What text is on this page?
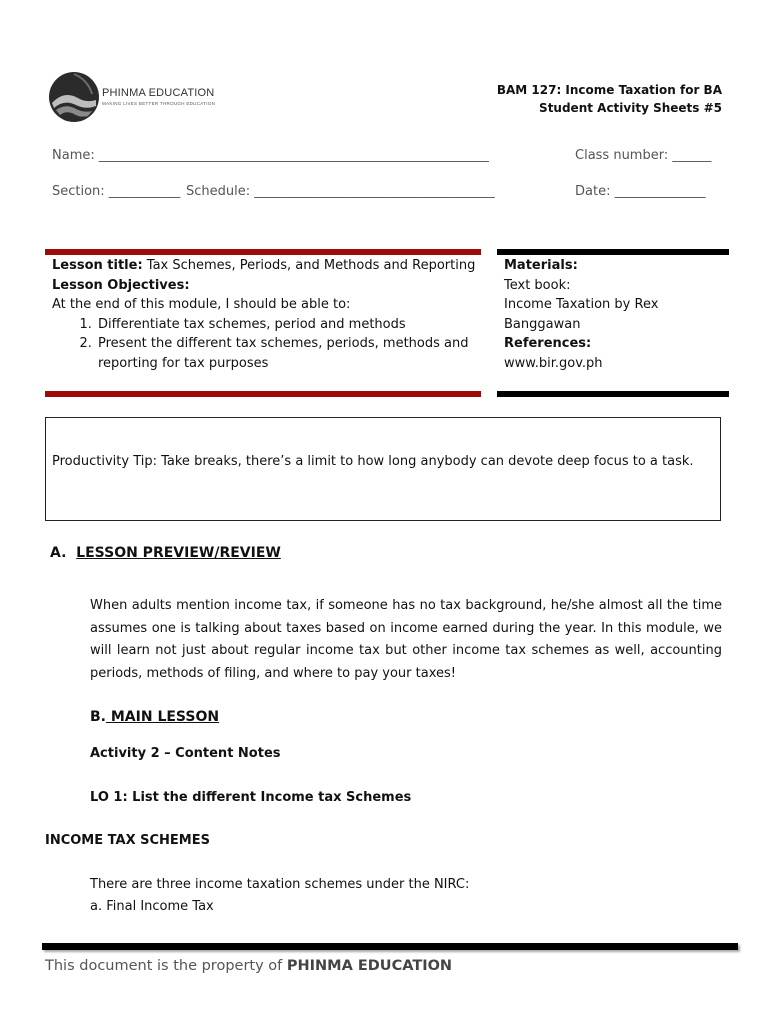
PHINMA EDUCATION
MAKING LIVES BETTER THROUGH EDUCATION
BAM 127: Income Taxation for BA
Student Activity Sheets #5
Name: ____________________________________________________________	Class number: ______
Section: ___________ Schedule: _____________________________________	Date: ______________
Lesson title: Tax Schemes, Periods, and Methods and Reporting
Lesson Objectives:
At the end of this module, I should be able to:
1. Differentiate tax schemes, period and methods
2. Present the different tax schemes, periods, methods and reporting for tax purposes
Materials:
Text book:
Income Taxation by Rex Banggawan
References:
www.bir.gov.ph
Productivity Tip: Take breaks, there’s a limit to how long anybody can devote deep focus to a task.
A. LESSON PREVIEW/REVIEW
When adults mention income tax, if someone has no tax background, he/she almost all the time assumes one is talking about taxes based on income earned during the year. In this module, we will learn not just about regular income tax but other income tax schemes as well, accounting periods, methods of filing, and where to pay your taxes!
B. MAIN LESSON
Activity 2 – Content Notes
LO 1: List the different Income tax Schemes
INCOME TAX SCHEMES
There are three income taxation schemes under the NIRC:
a. Final Income Tax
This document is the property of PHINMA EDUCATION
